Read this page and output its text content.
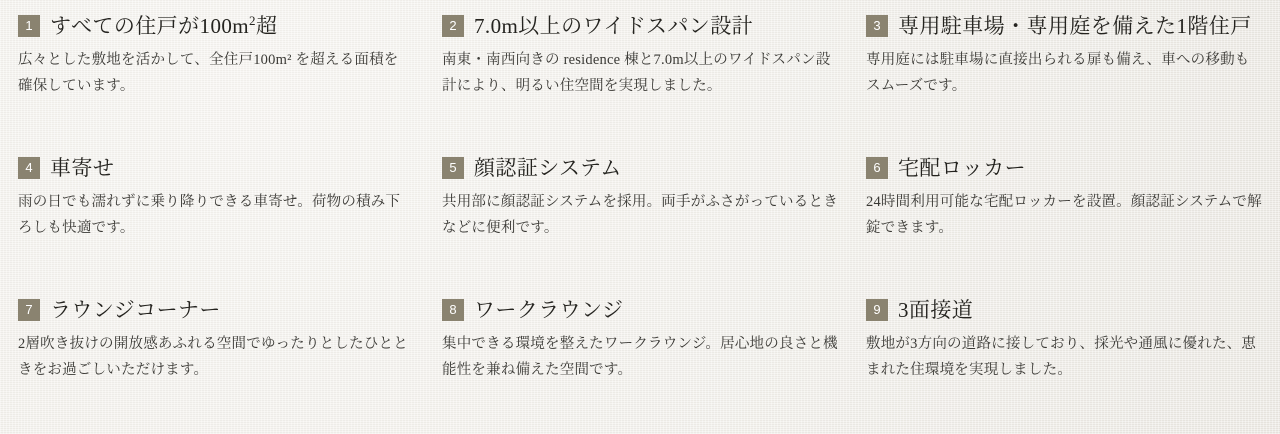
1 すべての住戸が$100m^2$超
広々とした敷地を活かして、全住戸100m² を超える面積を確保しています。
2 7.0m以上のワイドスパン設計
南東・南西向きの residence 棟と7.0m以上のワイドスパン設計により、明るい住空間を実現しました。
3 専用駐車場・専用庭を備えた1階住戸
専用庭には駐車場に直接出られる扉も備え、車への移動もスムーズです。
4 車寄せ
雨の日でも濡れずに乗り降りできる車寄せ。荷物の積み下ろしも快適です。
5 顔認証システム
共用部に顔認証システムを採用。両手がふさがっているときなどに便利です。
6 宅配ロッカー
24時間利用可能な宅配ロッカーを設置。顔認証システムで解錠できます。
7 ラウンジコーナー
2層吹き抜けの開放感あふれる空間でゆったりとしたひとときをお過ごしいただけます。
8 ワークラウンジ
集中できる環境を整えたワークラウンジ。居心地の良さと機能性を兼ね備えた空間です。
9 3面接道
敷地が3方向の道路に接しており、採光や通風に優れた、恵まれた住環境を実現しました。
